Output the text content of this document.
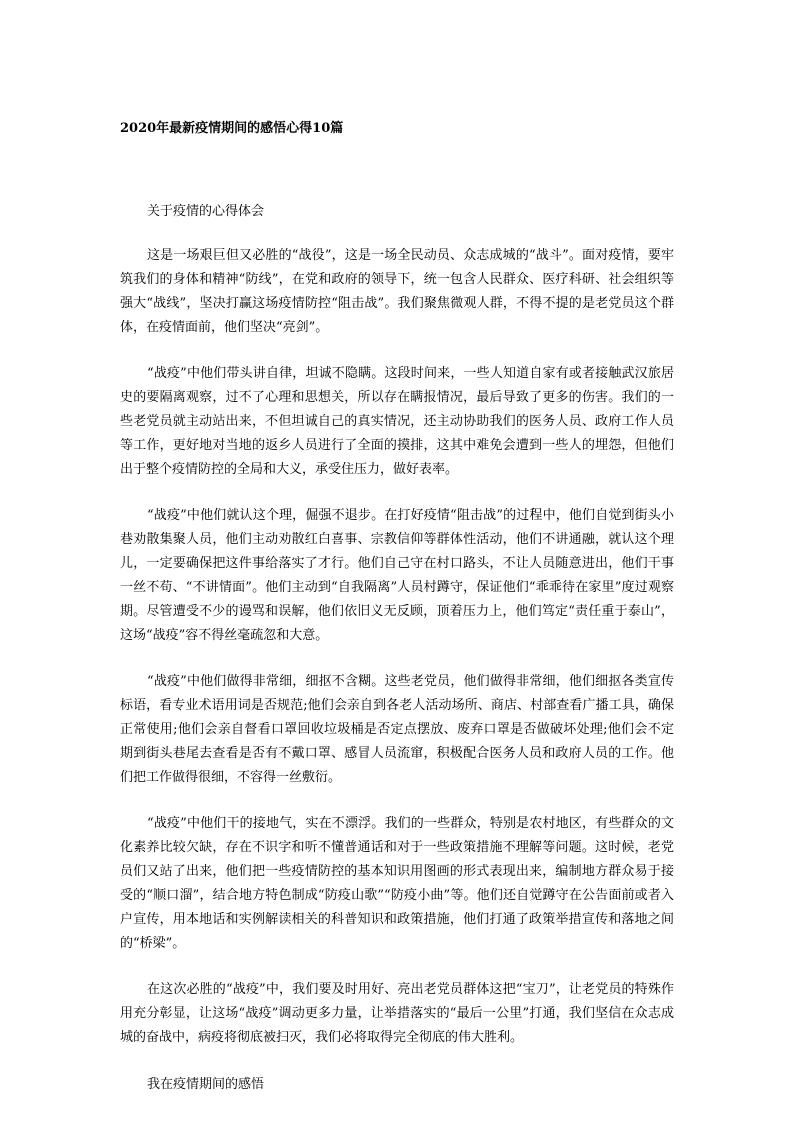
2020年最新疫情期间的感悟心得10篇

关于疫情的心得体会

这是一场艰巨但又必胜的“战役”，这是一场全民动员、众志成城的“战斗”。面对疫情，要牢筑我们的身体和精神“防线”，在党和政府的领导下，统一包含人民群众、医疗科研、社会组织等强大“战线”，坚决打赢这场疫情防控“阻击战”。我们聚焦微观人群，不得不提的是老党员这个群体，在疫情面前，他们坚决“亮剑”。

“战疫”中他们带头讲自律，坦诚不隐瞒。这段时间来，一些人知道自家有或者接触武汉旅居史的要隔离观察，过不了心理和思想关，所以存在瞒报情况，最后导致了更多的伤害。我们的一些老党员就主动站出来，不但坦诚自己的真实情况，还主动协助我们的医务人员、政府工作人员等工作，更好地对当地的返乡人员进行了全面的摸排，这其中难免会遭到一些人的埋怨，但他们出于整个疫情防控的全局和大义，承受住压力，做好表率。

“战疫”中他们就认这个理，倔强不退步。在打好疫情“阻击战”的过程中，他们自觉到街头小巷劝散集聚人员，他们主动劝散红白喜事、宗教信仰等群体性活动，他们不讲通融，就认这个理儿，一定要确保把这件事给落实了才行。他们自己守在村口路头，不让人员随意进出，他们干事一丝不苟、“不讲情面”。他们主动到“自我隔离”人员村蹲守，保证他们“乖乖待在家里”度过观察期。尽管遭受不少的谩骂和误解，他们依旧义无反顾，顶着压力上，他们笃定“责任重于泰山”，这场“战疫”容不得丝毫疏忽和大意。

“战疫”中他们做得非常细，细抠不含糊。这些老党员，他们做得非常细，他们细抠各类宣传标语，看专业术语用词是否规范;他们会亲自到各老人活动场所、商店、村部查看广播工具，确保正常使用;他们会亲自督看口罩回收垃圾桶是否定点摆放、废弃口罩是否做破坏处理;他们会不定期到街头巷尾去查看是否有不戴口罩、感冒人员流窜，积极配合医务人员和政府人员的工作。他们把工作做得很细，不容得一丝敷衍。

“战疫”中他们干的接地气，实在不漂浮。我们的一些群众，特别是农村地区，有些群众的文化素养比较欠缺，存在不识字和听不懂普通话和对于一些政策措施不理解等问题。这时候，老党员们又站了出来，他们把一些疫情防控的基本知识用图画的形式表现出来，编制地方群众易于接受的“顺口溜”，结合地方特色制成“防疫山歌”“防疫小曲”等。他们还自觉蹲守在公告面前或者入户宣传，用本地话和实例解读相关的科普知识和政策措施，他们打通了政策举措宣传和落地之间的“桥梁”。

在这次必胜的“战疫”中，我们要及时用好、亮出老党员群体这把“宝刀”，让老党员的特殊作用充分彰显，让这场“战疫”调动更多力量，让举措落实的“最后一公里”打通，我们坚信在众志成城的奋战中，病疫将彻底被扫灭，我们必将取得完全彻底的伟大胜利。

我在疫情期间的感悟
